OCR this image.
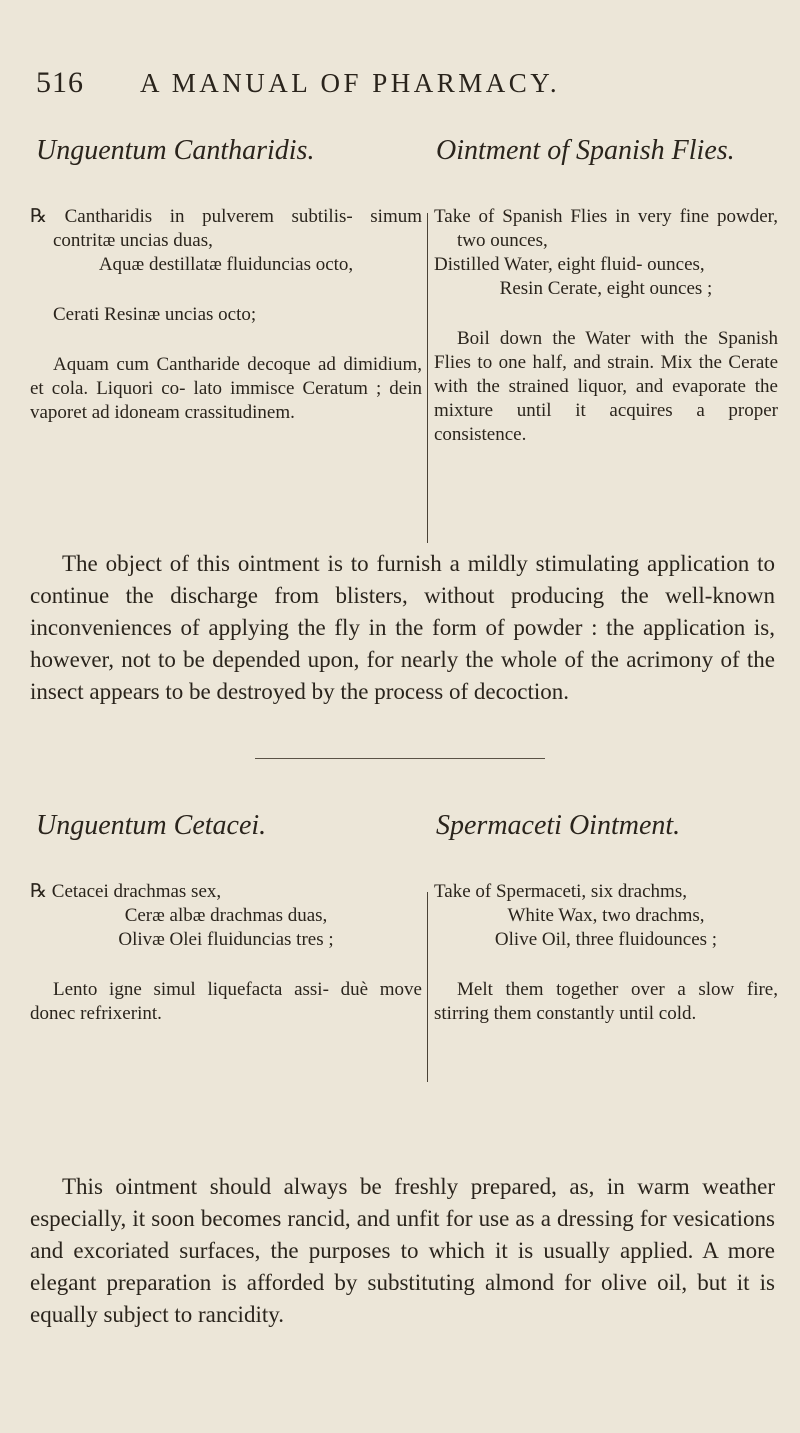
516 A MANUAL OF PHARMACY.
Unguentum Cantharidis.
℞ Cantharidis in pulverem subtilis- simum contritæ uncias duas,
Aquæ destillatæ fluiduncias octo,
Cerati Resinæ uncias octo;
Aquam cum Cantharide decoque ad dimidium, et cola. Liquori co- lato immisce Ceratum ; dein vaporet ad idoneam crassitudinem.
Ointment of Spanish Flies.
Take of Spanish Flies in very fine powder, two ounces,
Distilled Water, eight fluid- ounces,
Resin Cerate, eight ounces ;
Boil down the Water with the Spanish Flies to one half, and strain. Mix the Cerate with the strained liquor, and evaporate the mixture until it acquires a proper consistence.

The object of this ointment is to furnish a mildly stimulating application to continue the discharge from blisters, without producing the well-known inconveniences of applying the fly in the form of powder : the application is, however, not to be depended upon, for nearly the whole of the acrimony of the insect appears to be destroyed by the process of decoction.

Unguentum Cetacei.
℞ Cetacei drachmas sex,
Ceræ albæ drachmas duas,
Olivæ Olei fluiduncias tres ;
Lento igne simul liquefacta assi- duè move donec refrixerint.
Spermaceti Ointment.
Take of Spermaceti, six drachms,
White Wax, two drachms,
Olive Oil, three fluidounces ;
Melt them together over a slow fire, stirring them constantly until cold.

This ointment should always be freshly prepared, as, in warm weather especially, it soon becomes rancid, and unfit for use as a dressing for vesications and excoriated surfaces, the purposes to which it is usually applied. A more elegant preparation is afforded by substituting almond for olive oil, but it is equally subject to rancidity.
